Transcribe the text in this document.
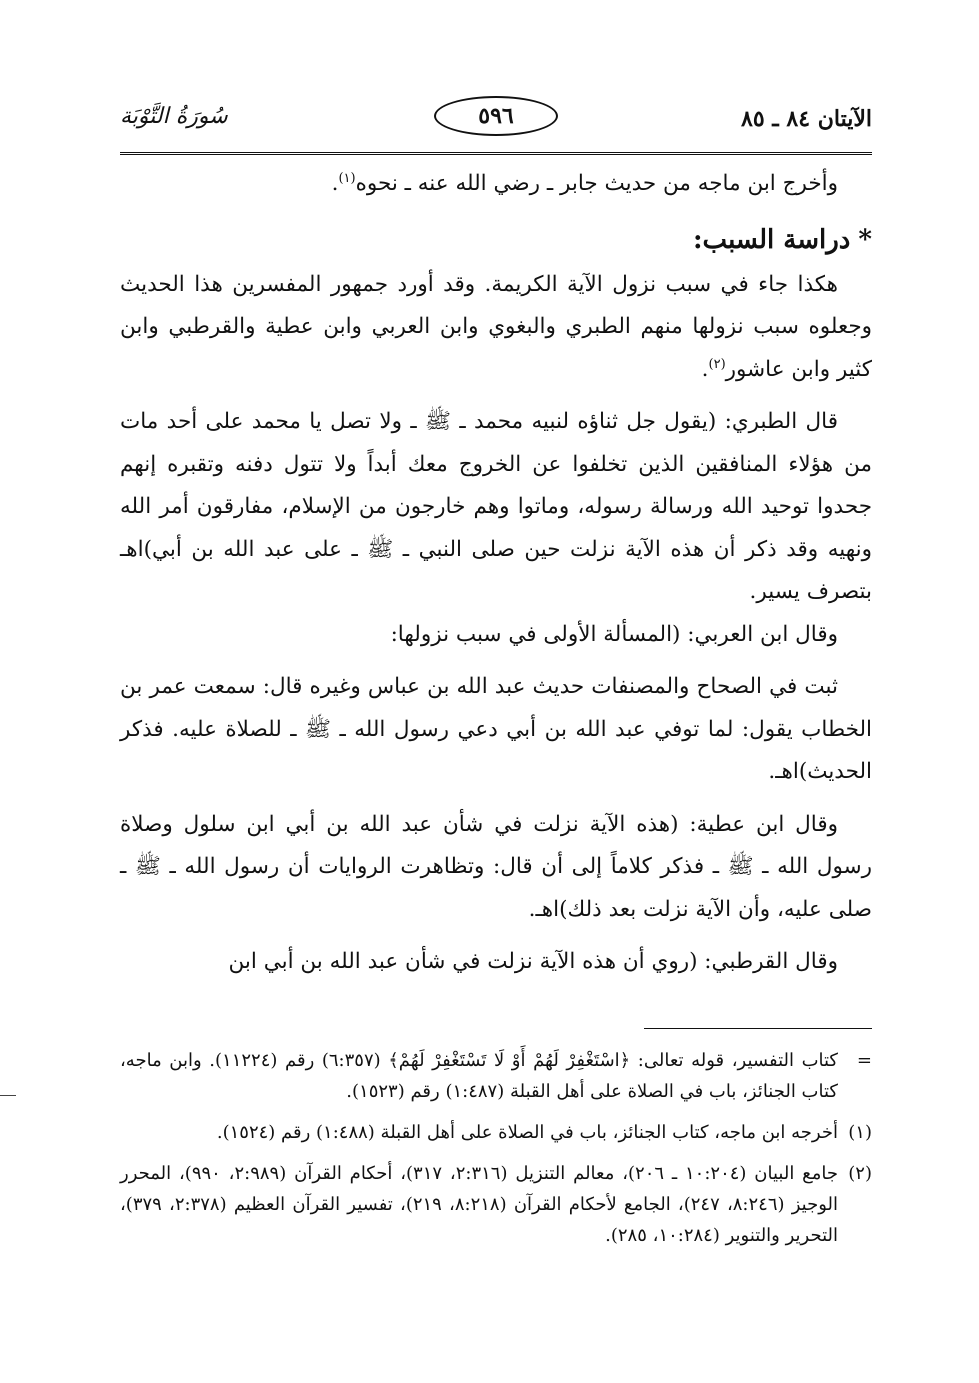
الآيتان ٨٤ ـ ٨٥
٥٩٦
سُورَةُ التَّوْبَة

وأخرج ابن ماجه من حديث جابر ـ رضي الله عنه ـ نحوه$^{(١)}$.

*دراسة السبب:

هكذا جاء في سبب نزول الآية الكريمة. وقد أورد جمهور المفسرين هذا الحديث وجعلوه سبب نزولها منهم الطبري والبغوي وابن العربي وابن عطية والقرطبي وابن كثير وابن عاشور$^{(٢)}$.

قال الطبري: (يقول جل ثناؤه لنبيه محمد ـ ﷺ ـ ولا تصل يا محمد على أحد مات من هؤلاء المنافقين الذين تخلفوا عن الخروج معك أبداً ولا تتول دفنه وتقبره إنهم جحدوا توحيد الله ورسالة رسوله، وماتوا وهم خارجون من الإسلام، مفارقون أمر الله ونهيه وقد ذكر أن هذه الآية نزلت حين صلى النبي ـ ﷺ ـ على عبد الله بن أبي)اهـ بتصرف يسير.

وقال ابن العربي: (المسألة الأولى في سبب نزولها:

ثبت في الصحاح والمصنفات حديث عبد الله بن عباس وغيره قال: سمعت عمر بن الخطاب يقول: لما توفي عبد الله بن أبي دعي رسول الله ـ ﷺ ـ للصلاة عليه. فذكر الحديث)اهـ.

وقال ابن عطية: (هذه الآية نزلت في شأن عبد الله بن أبي ابن سلول وصلاة رسول الله ـ ﷺ ـ فذكر كلاماً إلى أن قال: وتظاهرت الروايات أن رسول الله ـ ﷺ ـ صلى عليه، وأن الآية نزلت بعد ذلك)اهـ.

وقال القرطبي: (روي أن هذه الآية نزلت في شأن عبد الله بن أبي ابن

=
كتاب التفسير، قوله تعالى: ﴿اسْتَغْفِرْ لَهُمْ أَوْ لَا تَسْتَغْفِرْ لَهُمْ﴾ (٦:٣٥٧) رقم (١١٢٢٤). وابن ماجه، كتاب الجنائز، باب في الصلاة على أهل القبلة (١:٤٨٧) رقم (١٥٢٣).
(١)
أخرجه ابن ماجه، كتاب الجنائز، باب في الصلاة على أهل القبلة (١:٤٨٨) رقم (١٥٢٤).
(٢)
جامع البيان (١٠:٢٠٤ ـ ٢٠٦)، معالم التنزيل (٢:٣١٦، ٣١٧)، أحكام القرآن (٢:٩٨٩، ٩٩٠)، المحرر الوجيز (٨:٢٤٦، ٢٤٧)، الجامع لأحكام القرآن (٨:٢١٨، ٢١٩)، تفسير القرآن العظيم (٢:٣٧٨، ٣٧٩)، التحرير والتنوير (١٠:٢٨٤، ٢٨٥).
